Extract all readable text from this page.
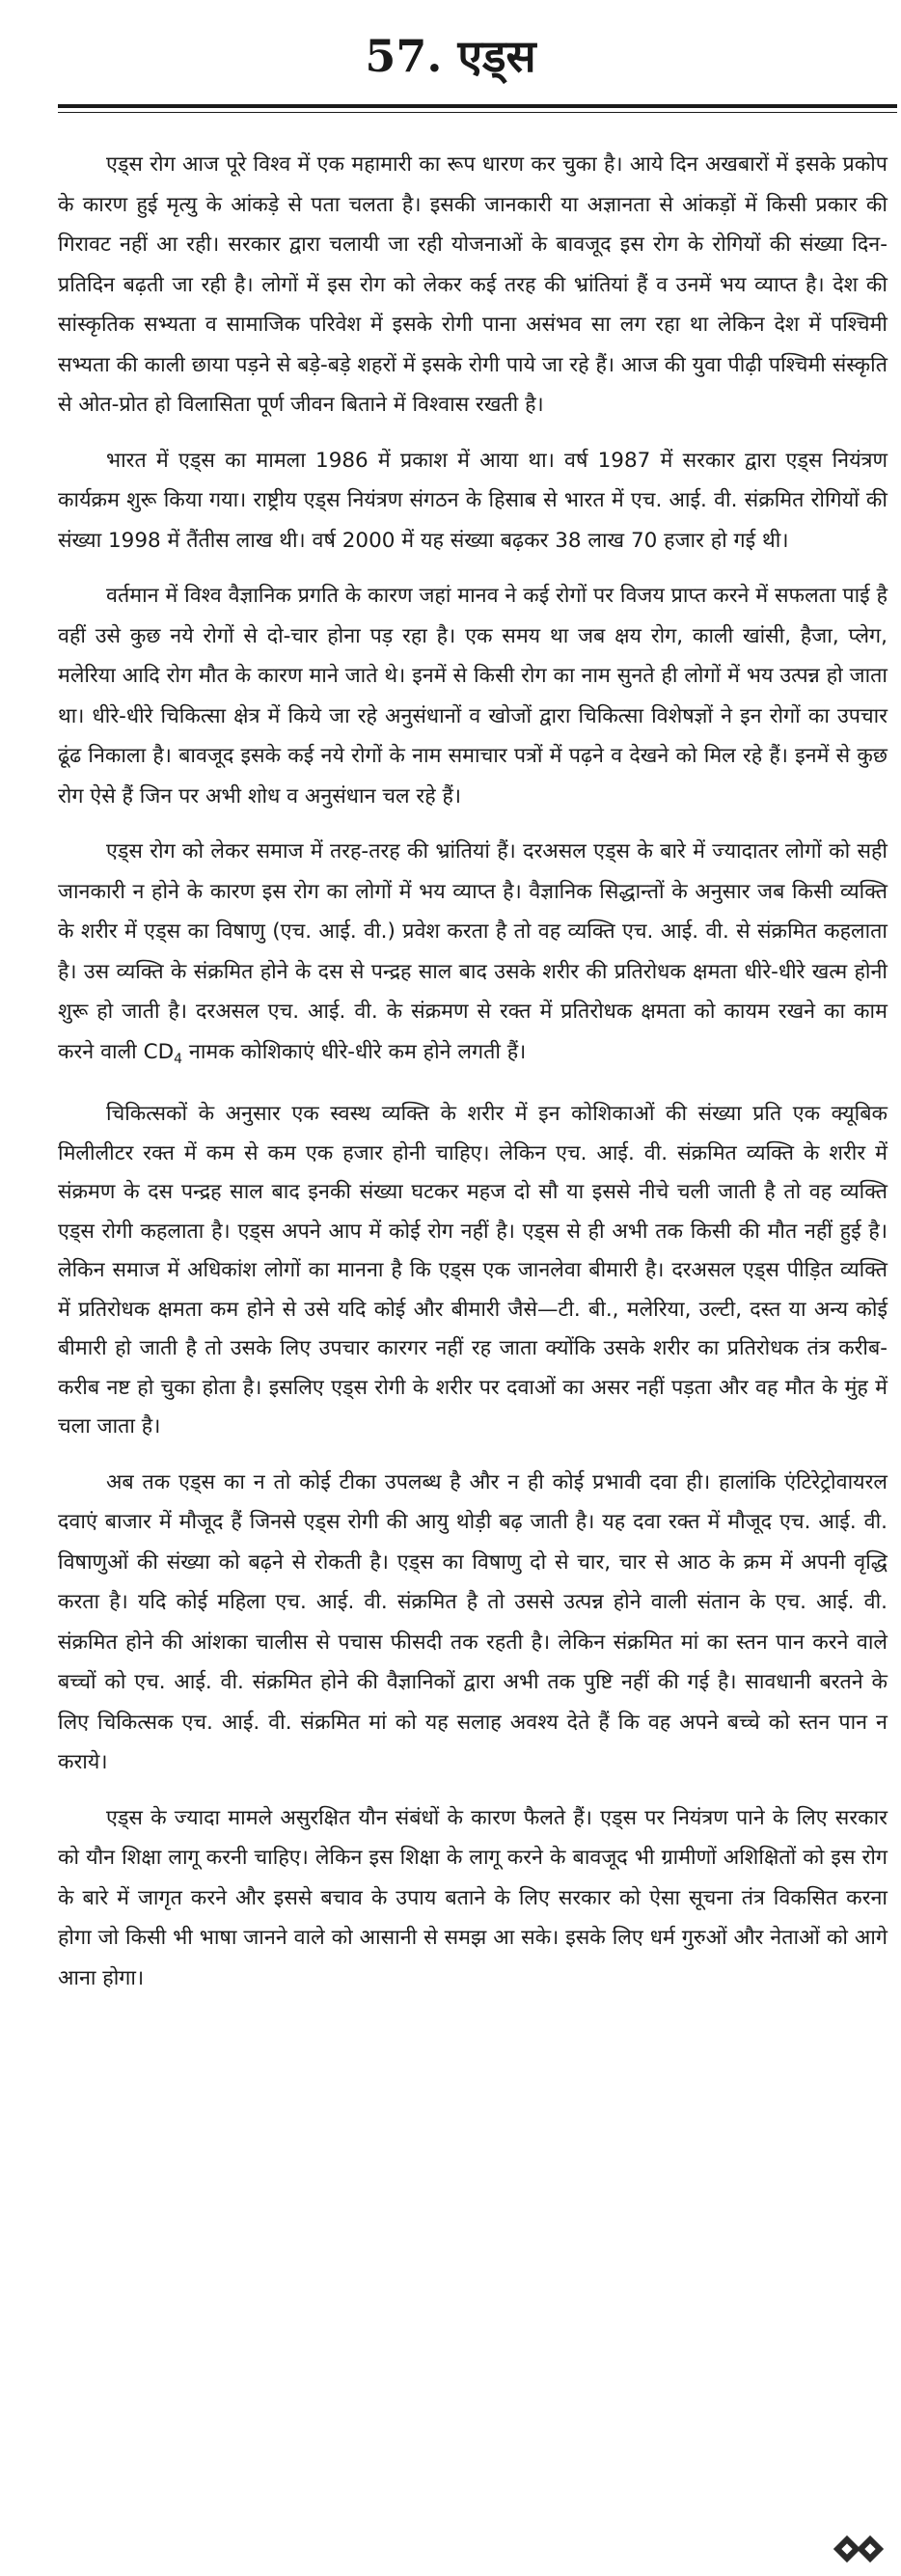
57. एड्स

एड्स रोग आज पूरे विश्व में एक महामारी का रूप धारण कर चुका है। आये दिन अखबारों में इसके प्रकोप के कारण हुई मृत्यु के आंकड़े से पता चलता है। इसकी जानकारी या अज्ञानता से आंकड़ों में किसी प्रकार की गिरावट नहीं आ रही। सरकार द्वारा चलायी जा रही योजनाओं के बावजूद इस रोग के रोगियों की संख्या दिन-प्रतिदिन बढ़ती जा रही है। लोगों में इस रोग को लेकर कई तरह की भ्रांतियां हैं व उनमें भय व्याप्त है। देश की सांस्कृतिक सभ्यता व सामाजिक परिवेश में इसके रोगी पाना असंभव सा लग रहा था लेकिन देश में पश्चिमी सभ्यता की काली छाया पड़ने से बड़े-बड़े शहरों में इसके रोगी पाये जा रहे हैं। आज की युवा पीढ़ी पश्चिमी संस्कृति से ओत-प्रोत हो विलासिता पूर्ण जीवन बिताने में विश्वास रखती है।

भारत में एड्स का मामला 1986 में प्रकाश में आया था। वर्ष 1987 में सरकार द्वारा एड्स नियंत्रण कार्यक्रम शुरू किया गया। राष्ट्रीय एड्स नियंत्रण संगठन के हिसाब से भारत में एच. आई. वी. संक्रमित रोगियों की संख्या 1998 में तैंतीस लाख थी। वर्ष 2000 में यह संख्या बढ़कर 38 लाख 70 हजार हो गई थी।

वर्तमान में विश्व वैज्ञानिक प्रगति के कारण जहां मानव ने कई रोगों पर विजय प्राप्त करने में सफलता पाई है वहीं उसे कुछ नये रोगों से दो-चार होना पड़ रहा है। एक समय था जब क्षय रोग, काली खांसी, हैजा, प्लेग, मलेरिया आदि रोग मौत के कारण माने जाते थे। इनमें से किसी रोग का नाम सुनते ही लोगों में भय उत्पन्न हो जाता था। धीरे-धीरे चिकित्सा क्षेत्र में किये जा रहे अनुसंधानों व खोजों द्वारा चिकित्सा विशेषज्ञों ने इन रोगों का उपचार ढूंढ निकाला है। बावजूद इसके कई नये रोगों के नाम समाचार पत्रों में पढ़ने व देखने को मिल रहे हैं। इनमें से कुछ रोग ऐसे हैं जिन पर अभी शोध व अनुसंधान चल रहे हैं।

एड्स रोग को लेकर समाज में तरह-तरह की भ्रांतियां हैं। दरअसल एड्स के बारे में ज्यादातर लोगों को सही जानकारी न होने के कारण इस रोग का लोगों में भय व्याप्त है। वैज्ञानिक सिद्धान्तों के अनुसार जब किसी व्यक्ति के शरीर में एड्स का विषाणु (एच. आई. वी.) प्रवेश करता है तो वह व्यक्ति एच. आई. वी. से संक्रमित कहलाता है। उस व्यक्ति के संक्रमित होने के दस से पन्द्रह साल बाद उसके शरीर की प्रतिरोधक क्षमता धीरे-धीरे खत्म होनी शुरू हो जाती है। दरअसल एच. आई. वी. के संक्रमण से रक्त में प्रतिरोधक क्षमता को कायम रखने का काम करने वाली $CD_4$ नामक कोशिकाएं धीरे-धीरे कम होने लगती हैं।

चिकित्सकों के अनुसार एक स्वस्थ व्यक्ति के शरीर में इन कोशिकाओं की संख्या प्रति एक क्यूबिक मिलीलीटर रक्त में कम से कम एक हजार होनी चाहिए। लेकिन एच. आई. वी. संक्रमित व्यक्ति के शरीर में संक्रमण के दस पन्द्रह साल बाद इनकी संख्या घटकर महज दो सौ या इससे नीचे चली जाती है तो वह व्यक्ति एड्स रोगी कहलाता है। एड्स अपने आप में कोई रोग नहीं है। एड्स से ही अभी तक किसी की मौत नहीं हुई है। लेकिन समाज में अधिकांश लोगों का मानना है कि एड्स एक जानलेवा बीमारी है। दरअसल एड्स पीड़ित व्यक्ति में प्रतिरोधक क्षमता कम होने से उसे यदि कोई और बीमारी जैसे—टी. बी., मलेरिया, उल्टी, दस्त या अन्य कोई बीमारी हो जाती है तो उसके लिए उपचार कारगर नहीं रह जाता क्योंकि उसके शरीर का प्रतिरोधक तंत्र करीब-करीब नष्ट हो चुका होता है। इसलिए एड्स रोगी के शरीर पर दवाओं का असर नहीं पड़ता और वह मौत के मुंह में चला जाता है।

अब तक एड्स का न तो कोई टीका उपलब्ध है और न ही कोई प्रभावी दवा ही। हालांकि एंटिरेट्रोवायरल दवाएं बाजार में मौजूद हैं जिनसे एड्स रोगी की आयु थोड़ी बढ़ जाती है। यह दवा रक्त में मौजूद एच. आई. वी. विषाणुओं की संख्या को बढ़ने से रोकती है। एड्स का विषाणु दो से चार, चार से आठ के क्रम में अपनी वृद्धि करता है। यदि कोई महिला एच. आई. वी. संक्रमित है तो उससे उत्पन्न होने वाली संतान के एच. आई. वी. संक्रमित होने की आंशका चालीस से पचास फीसदी तक रहती है। लेकिन संक्रमित मां का स्तन पान करने वाले बच्चों को एच. आई. वी. संक्रमित होने की वैज्ञानिकों द्वारा अभी तक पुष्टि नहीं की गई है। सावधानी बरतने के लिए चिकित्सक एच. आई. वी. संक्रमित मां को यह सलाह अवश्य देते हैं कि वह अपने बच्चे को स्तन पान न कराये।

एड्स के ज्यादा मामले असुरक्षित यौन संबंधों के कारण फैलते हैं। एड्स पर नियंत्रण पाने के लिए सरकार को यौन शिक्षा लागू करनी चाहिए। लेकिन इस शिक्षा के लागू करने के बावजूद भी ग्रामीणों अशिक्षितों को इस रोग के बारे में जागृत करने और इससे बचाव के उपाय बताने के लिए सरकार को ऐसा सूचना तंत्र विकसित करना होगा जो किसी भी भाषा जानने वाले को आसानी से समझ आ सके। इसके लिए धर्म गुरुओं और नेताओं को आगे आना होगा।
